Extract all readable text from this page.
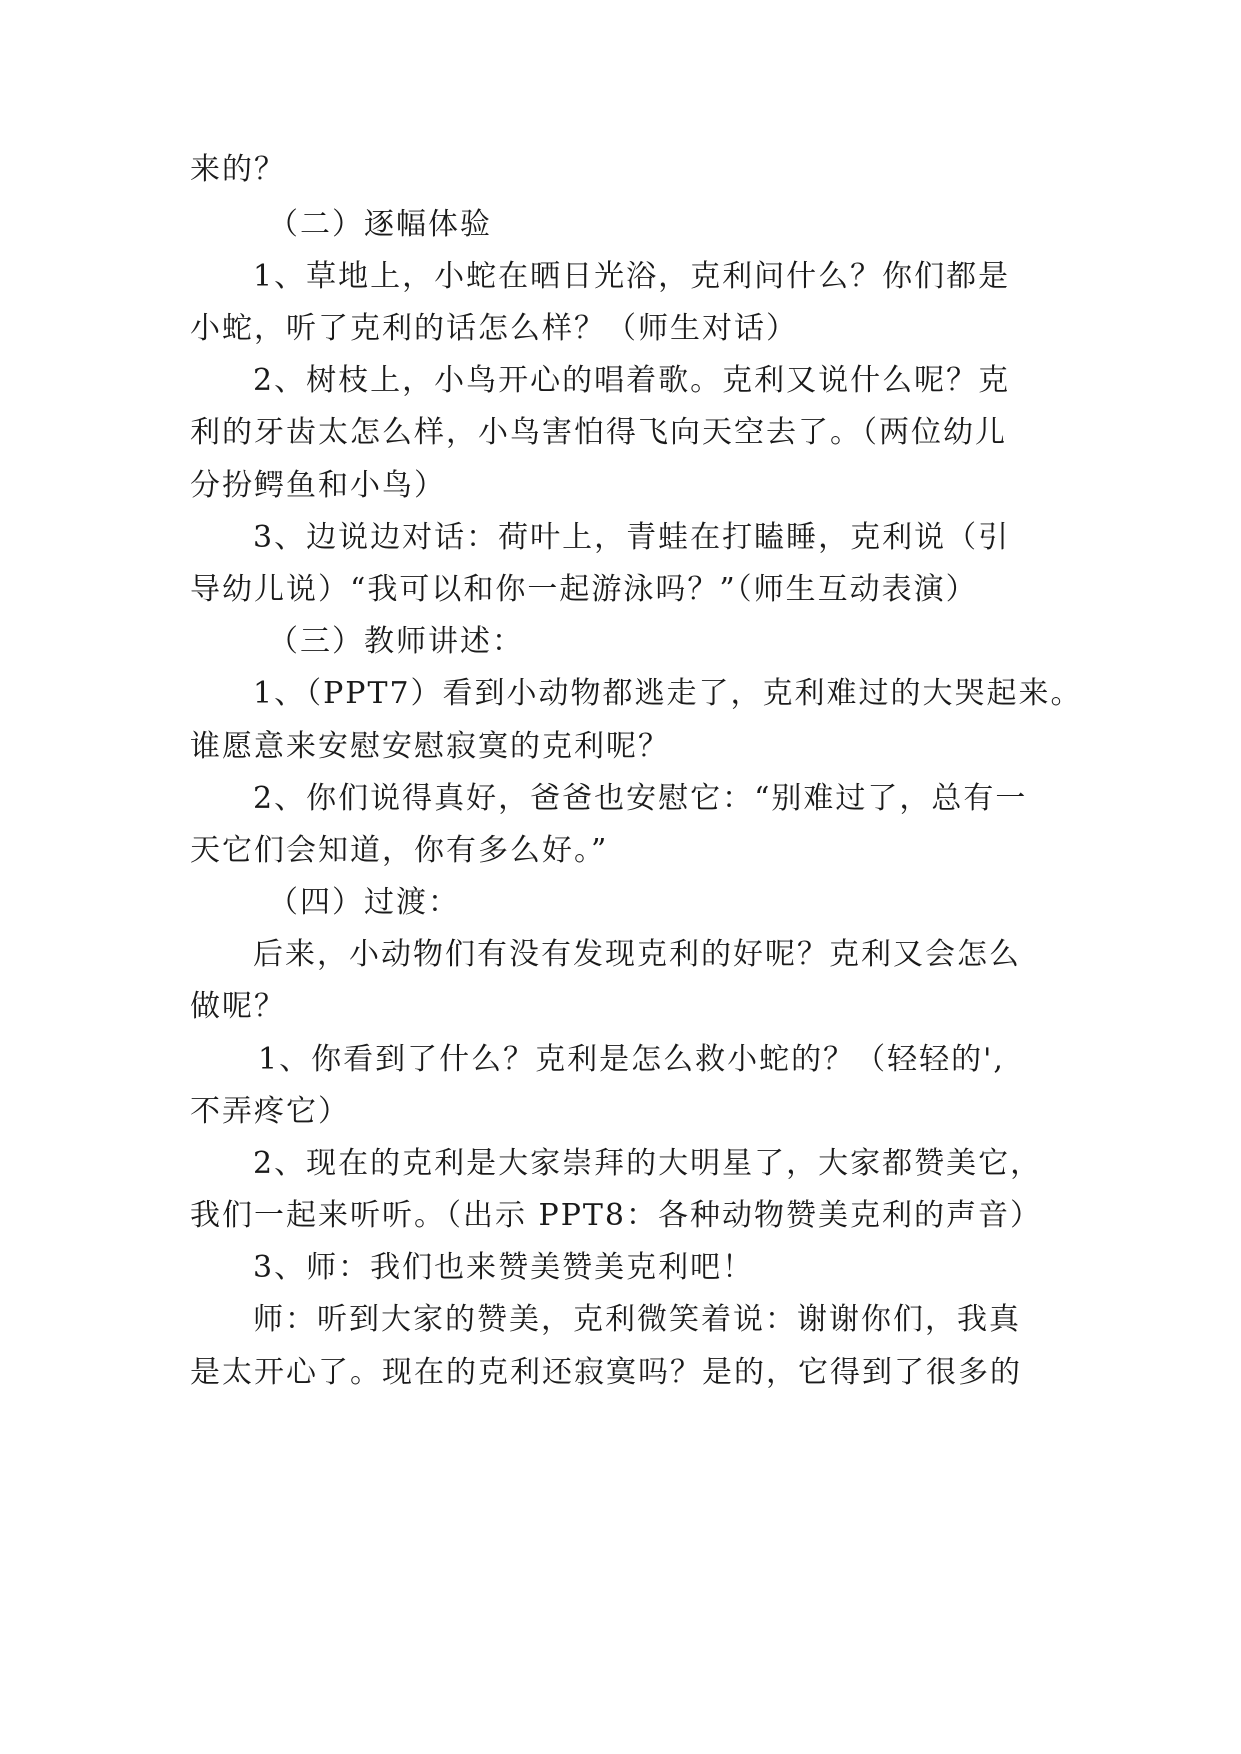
来的？
（二）逐幅体验
1、草地上，小蛇在晒日光浴，克利问什么？你们都是
小蛇，听了克利的话怎么样？（师生对话）
2、树枝上，小鸟开心的唱着歌。克利又说什么呢？克
利的牙齿太怎么样，小鸟害怕得飞向天空去了。（两位幼儿
分扮鳄鱼和小鸟）
3、边说边对话：荷叶上，青蛙在打瞌睡，克利说（引
导幼儿说）“我可以和你一起游泳吗？”（师生互动表演）
（三）教师讲述：
1、（PPT7）看到小动物都逃走了，克利难过的大哭起来。
谁愿意来安慰安慰寂寞的克利呢？
2、你们说得真好，爸爸也安慰它：“别难过了，总有一
天它们会知道，你有多么好。”
（四）过渡：
后来，小动物们有没有发现克利的好呢？克利又会怎么
做呢？
1、你看到了什么？克利是怎么救小蛇的？（轻轻的',
不弄疼它）
2、现在的克利是大家崇拜的大明星了，大家都赞美它，
我们一起来听听。（出示 PPT8：各种动物赞美克利的声音）
3、师：我们也来赞美赞美克利吧！
师：听到大家的赞美，克利微笑着说：谢谢你们，我真
是太开心了。现在的克利还寂寞吗？是的，它得到了很多的
